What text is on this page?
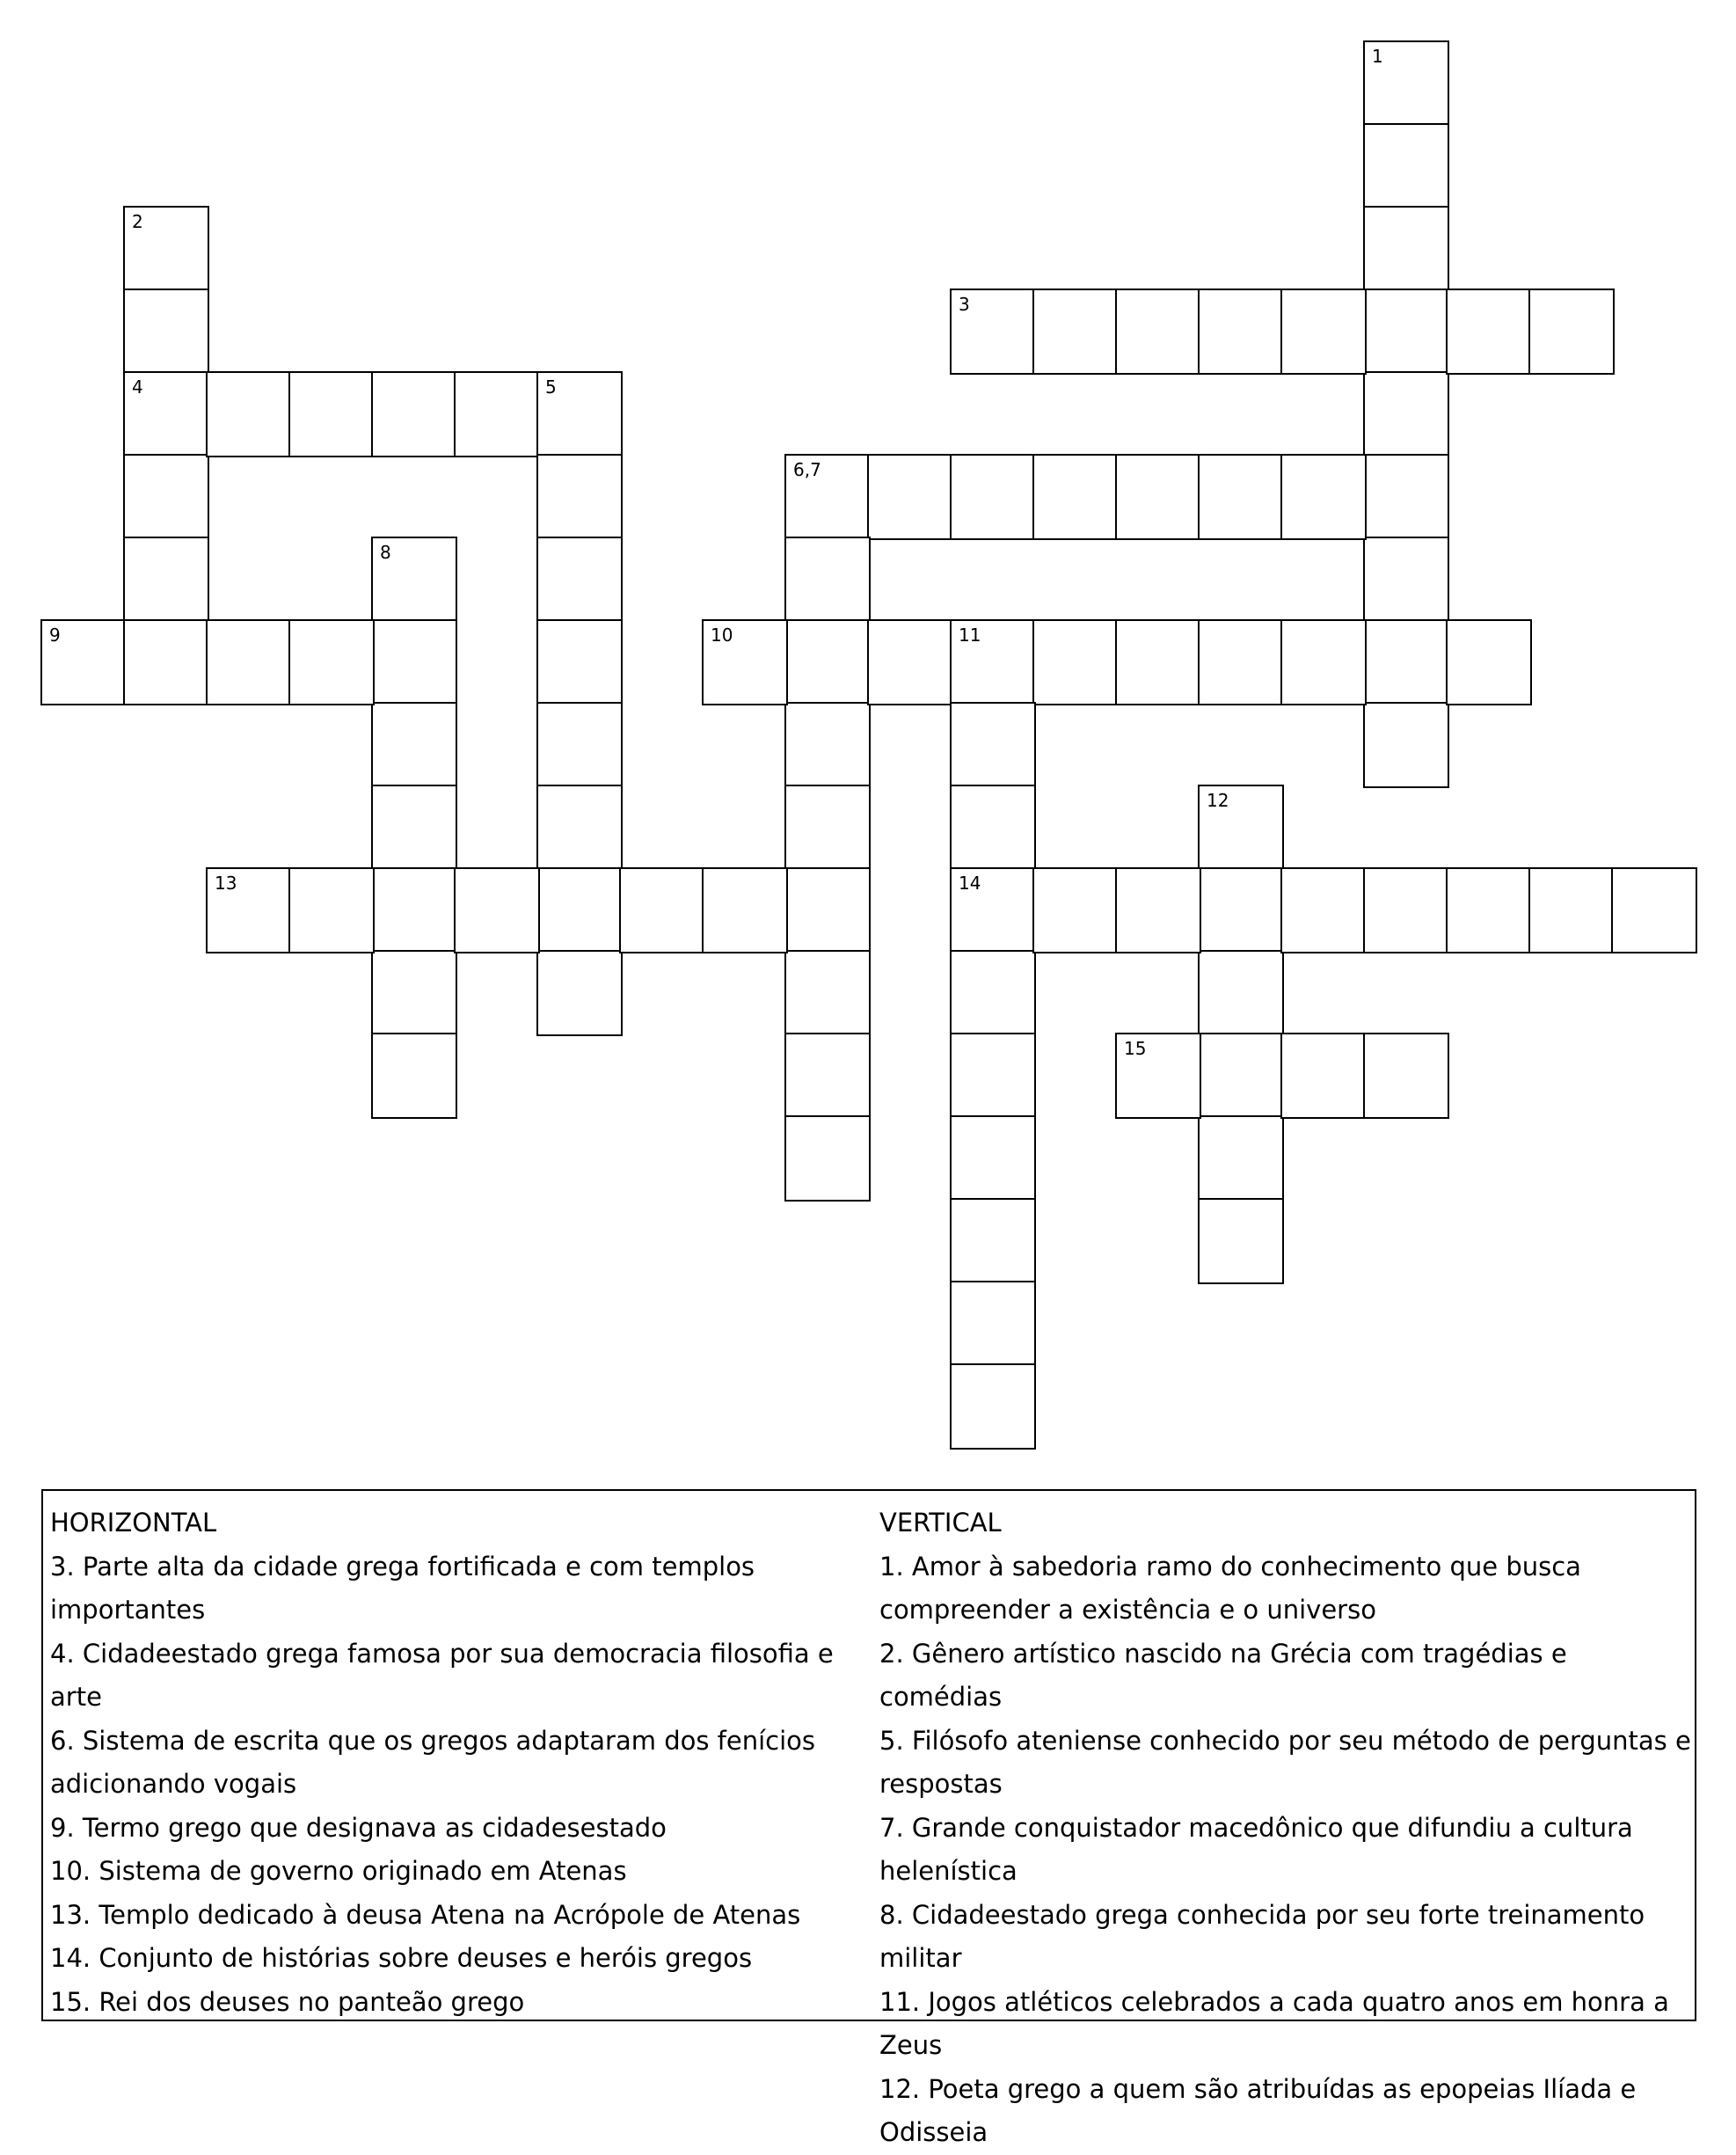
1
2
4
3
5
6,7
8
9	10	11
14
12
13
15
HORIZONTAL
3. Parte alta da cidade grega fortificada e com templos importantes
4. Cidadeestado grega famosa por sua democracia filosofia e arte
6. Sistema de escrita que os gregos adaptaram dos fenícios adicionando vogais
9. Termo grego que designava as cidadesestado
10. Sistema de governo originado em Atenas
13. Templo dedicado à deusa Atena na Acrópole de Atenas
14. Conjunto de histórias sobre deuses e heróis gregos
15. Rei dos deuses no panteão grego
VERTICAL
1. Amor à sabedoria ramo do conhecimento que busca compreender a existência e o universo
2. Gênero artístico nascido na Grécia com tragédias e comédias
5. Filósofo ateniense conhecido por seu método de perguntas e respostas
7. Grande conquistador macedônico que difundiu a cultura helenística
8. Cidadeestado grega conhecida por seu forte treinamento militar
11. Jogos atléticos celebrados a cada quatro anos em honra a Zeus
12. Poeta grego a quem são atribuídas as epopeias Ilíada e Odisseia
